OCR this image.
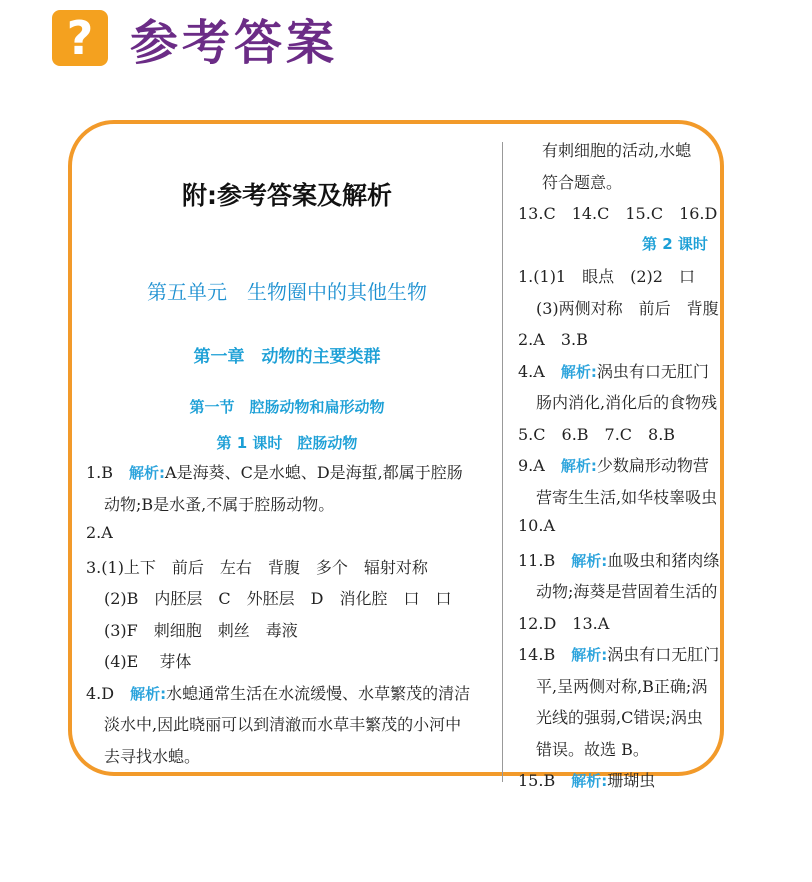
? 参考答案
附:参考答案及解析
第五单元　生物圈中的其他生物
第一章　动物的主要类群
第一节　腔肠动物和扁形动物
第 1 课时　腔肠动物
1.B　解析:A是海葵、C是水螅、D是海蜇,都属于腔肠
动物;B是水蚤,不属于腔肠动物。
2.A
3.(1)上下　前后　左右　背腹　多个　辐射对称
(2)B　内胚层　C　外胚层　D　消化腔　口　口
(3)F　刺细胞　刺丝　毒液
(4)E　 芽体
4.D　解析:水螅通常生活在水流缓慢、水草繁茂的清洁
淡水中,因此晓丽可以到清澈而水草丰繁茂的小河中
去寻找水螅。
有刺细胞的活动,水螅
符合题意。
13.C　14.C　15.C　16.D
第 2 课时
1.(1)1　眼点　(2)2　口
(3)两侧对称　前后　背腹
2.A　3.B
4.A　解析:涡虫有口无肛门
肠内消化,消化后的食物残
5.C　6.B　7.C　8.B
9.A　解析:少数扁形动物营
营寄生生活,如华枝睾吸虫
10.A
11.B　解析:血吸虫和猪肉绦
动物;海葵是营固着生活的
12.D　13.A
14.B　解析:涡虫有口无肛门
平,呈两侧对称,B正确;涡
光线的强弱,C错误;涡虫
错误。故选 B。
15.B　解析:珊瑚虫
